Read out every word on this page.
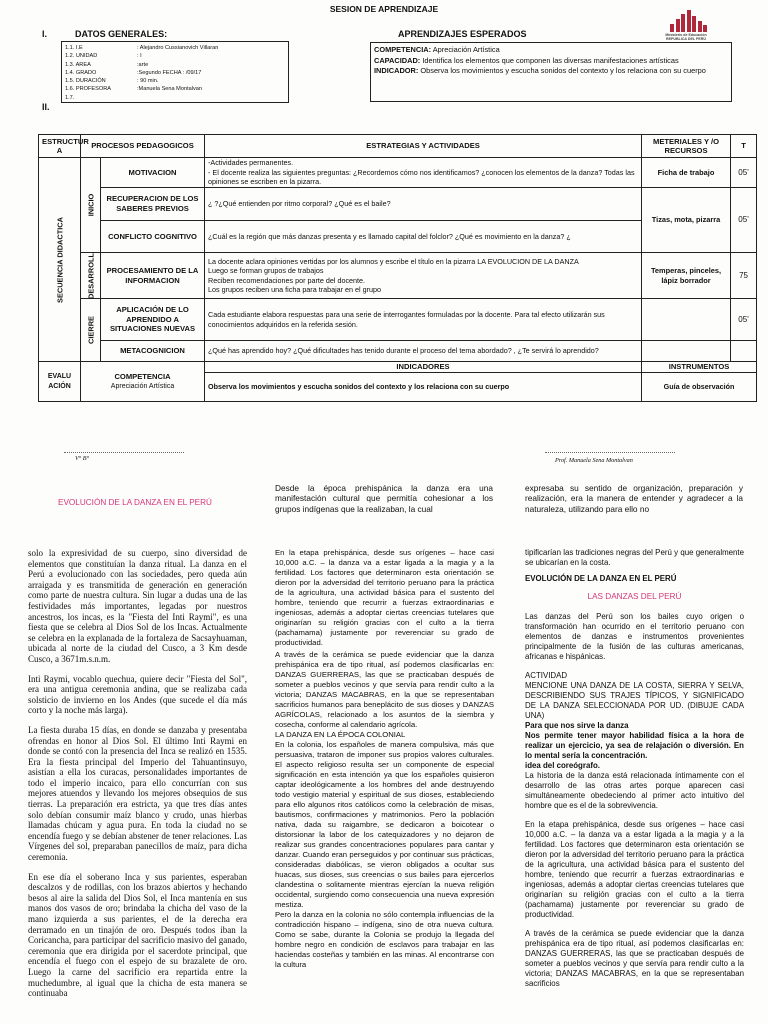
SESION DE APRENDIZAJE
I.	DATOS GENERALES:
II.
APRENDIZAJES ESPERADOS	Ministerio de Educación REPUBLICA DEL PERÚ
1.1. I.E	: Alejandro Cussianovich Villaran
1.2. UNIDAD	: I
1.3. AREA	:arte
1.4. GRADO	:Segundo FECHA : /09/17
1.5. DURACIÓN	: 90 min.
1.6. PROFESORA	:Manuela Sena Montalvan
1.7.
COMPETENCIA: Apreciación Artística
CAPACIDAD: Identifica los elementos que componen las diversas manifestaciones artísticas
INDICADOR: Observa los movimientos y escucha sonidos del contexto y los relaciona con su cuerpo
ESTRUCTUR A	PROCESOS PEDAGOGICOS		ESTRATEGIAS Y ACTIVIDADES	METERIALES Y /O RECURSOS	T

SECUENCIA DIDACTICA	INICIO	MOTIVACION	-Actividades permanentes.
- El docente realiza las siguientes preguntas: ¿Recordemos cómo nos identificamos? ¿conocen los elementos de la danza? Todas las opiniones se escriben en la pizarra.	Ficha de trabajo	05'
		RECUPERACION DE LOS SABERES PREVIOS	¿ ?¿Qué entienden por ritmo corporal? ¿Qué es el baile?	Tizas, mota, pizarra	05'
		CONFLICTO COGNITIVO	¿Cuál es la región que más danzas presenta y es llamado capital del folclor? ¿Qué es movimiento en la danza? ¿		

	DESARROLL	PROCESAMIENTO DE LA INFORMACION	La docente aclara opiniones vertidas por los alumnos y escribe el título en la pizarra LA EVOLUCION DE LA DANZA
Luego se forman grupos de trabajos
Reciben recomendaciones por parte del docente.
Los grupos reciben una ficha para trabajar en el grupo	Temperas, pinceles, lápiz borrador	75

	CIERRE	APLICACIÓN DE LO APRENDIDO A SITUACIONES NUEVAS	Cada estudiante elabora respuestas para una serie de interrogantes formuladas por la docente. Para tal efecto utilizarán sus conocimientos adquiridos en la referida sesión.		05'
		METACOGNICION	¿Qué has aprendido hoy? ¿Qué dificultades has tenido durante el proceso del tema abordado? , ¿Te servirá lo aprendido?		
EVALU ACIÓN	COMPETENCIA
Apreciación Artística		INDICADORES	INSTRUMENTOS	
			Observa los movimientos y escucha sonidos del contexto y los relaciona con su cuerpo	Guía de observación	
V° B°	Prof. Manuela Sena Montalvan
EVOLUCIÓN DE LA DANZA EN EL PERÚ
Desde la época prehispánica la danza era una manifestación cultural que permitía cohesionar a los grupos indígenas que la realizaban, la cual
expresaba su sentido de organización, preparación y realización, era la manera de entender y agradecer a la naturaleza, utilizando para ello no

solo la expresividad de su cuerpo, sino diversidad de elementos que constituían la danza ritual. La danza en el Perú a evolucionado con las sociedades, pero queda aún arraigada y es transmitida de generación en generación como parte de nuestra cultura. Sin lugar a dudas una de las festividades más importantes, legadas por nuestros ancestros, los incas, es la "Fiesta del Inti Raymi", es una fiesta que se celebra al Dios Sol de los Incas. Actualmente se celebra en la explanada de la fortaleza de Sacsayhuaman, ubicada al norte de la ciudad del Cusco, a 3 Km desde Cusco, a 3671m.s.n.m.

Inti Raymi, vocablo quechua, quiere decir "Fiesta del Sol", era una antigua ceremonia andina, que se realizaba cada solsticio de invierno en los Andes (que sucede el día más corto y la noche más larga).

La fiesta duraba 15 días, en donde se danzaba y presentaba ofrendas en honor al Dios Sol. El último Inti Raymi en donde se contó con la presencia del Inca se realizó en 1535. Era la fiesta principal del Imperio del Tahuantinsuyo, asistían a ella los curacas, personalidades importantes de todo el imperio incaico, para ello concurrían con sus mejores atuendos y llevando los mejores obsequios de sus tierras. La preparación era estricta, ya que tres días antes solo debían consumir maíz blanco y crudo, unas hierbas llamadas chúcam y agua pura. En toda la ciudad no se encendía fuego y se debían abstener de tener relaciones. Las Vírgenes del sol, preparaban panecillos de maíz, para dicha ceremonia.

En ese día el soberano Inca y sus parientes, esperaban descalzos y de rodillas, con los brazos abiertos y hechando besos al aire la salida del Dios Sol, el Inca mantenía en sus manos dos vasos de oro; brindaba la chicha del vaso de la mano izquierda a sus parientes, el de la derecha era derramado en un tinajón de oro. Después todos iban la Coricancha, para participar del sacrificio masivo del ganado, ceremonia que era dirigida por el sacerdote principal, que encendía el fuego con el espejo de su brazalete de oro. Luego la carne del sacrificio era repartida entre la muchedumbre, al igual que la chicha de esta manera se continuaba

En la etapa prehispánica, desde sus orígenes – hace casi 10,000 a.C. – la danza va a estar ligada a la magia y a la fertilidad. Los factores que determinaron esta orientación se dieron por la adversidad del territorio peruano para la práctica de la agricultura, una actividad básica para el sustento del hombre, teniendo que recurrir a fuerzas extraordinarias e ingeniosas, además a adoptar ciertas creencias tutelares que originarían su religión gracias con el culto a la tierra (pachamama) justamente por reverenciar su grado de productividad.

A través de la cerámica se puede evidenciar que la danza prehispánica era de tipo ritual, así podemos clasificarlas en: DANZAS GUERRERAS, las que se practicaban después de someter a pueblos vecinos y que servía para rendir culto a la victoria; DANZAS MACABRAS, en la que se representaban sacrificios humanos para beneplácito de sus dioses y DANZAS AGRÍCOLAS, relacionado a los asuntos de la siembra y cosecha, conforme al calendario agrícola.

LA DANZA EN LA ÉPOCA COLONIAL

En la colonia, los españoles de manera compulsiva, más que persuasiva, trataron de imponer sus propios valores culturales. El aspecto religioso resulta ser un componente de especial significación en esta intención ya que los españoles quisieron captar ideológicamente a los hombres del ande destruyendo todo vestigio material y espiritual de sus dioses, estableciendo para ello algunos ritos católicos como la celebración de misas, bautismos, confirmaciones y matrimonios. Pero la población nativa, dada su raigambre, se dedicaron a boicotear o distorsionar la labor de los catequizadores y no dejaron de realizar sus grandes concentraciones populares para cantar y danzar. Cuando eran perseguidos y por continuar sus prácticas, consideradas diabólicas, se vieron obligados a ocultar sus huacas, sus dioses, sus creencias o sus bailes para ejercerlos clandestina o solitamente mientras ejercían la nueva religión occidental, surgiendo como consecuencia una nueva expresión mestiza.

Pero la danza en la colonia no sólo contempla influencias de la contradicción hispano – indígena, sino de otra nueva cultura. Como se sabe, durante la Colonia se produjo la llegada del hombre negro en condición de esclavos para trabajar en las haciendas costeñas y también en las minas. Al encontrarse con la cultura

tipificarían las tradiciones negras del Perú y que generalmente se ubicarían en la costa.

EVOLUCIÓN DE LA DANZA EN EL PERÚ

LAS DANZAS DEL PERÚ

Las danzas del Perú son los bailes cuyo origen o transformación han ocurrido en el territorio peruano con elementos de danzas e instrumentos provenientes principalmente de la fusión de las culturas americanas, africanas e hispánicas.

ACTIVIDAD
MENCIONE UNA DANZA DE LA COSTA, SIERRA Y SELVA, DESCRIBIENDO SUS TRAJES TÍPICOS, Y SIGNIFICADO DE LA DANZA SELECCIONADA POR UD. (DIBUJE CADA UNA)

Para que nos sirve la danza

Nos permite tener mayor habilidad física a la hora de realizar un ejercicio, ya sea de relajación o diversión. En lo mental sería la concentración.

idea del coreógrafo.

La historia de la danza está relacionada íntimamente con el desarrollo de las otras artes porque aparecen casi simultáneamente obedeciendo al primer acto intuitivo del hombre que es el de la sobrevivencia.

En la etapa prehispánica, desde sus orígenes – hace casi 10,000 a.C. – la danza va a estar ligada a la magia y a la fertilidad. Los factores que determinaron esta orientación se dieron por la adversidad del territorio peruano para la práctica de la agricultura, una actividad básica para el sustento del hombre, teniendo que recurrir a fuerzas extraordinarias e ingeniosas, además a adoptar ciertas creencias tutelares que originarían su religión gracias con el culto a la tierra (pachamama) justamente por reverenciar su grado de productividad.

A través de la cerámica se puede evidenciar que la danza prehispánica era de tipo ritual, así podemos clasificarlas en: DANZAS GUERRERAS, las que se practicaban después de someter a pueblos vecinos y que servía para rendir culto a la victoria; DANZAS MACABRAS, en la que se representaban sacrificios
